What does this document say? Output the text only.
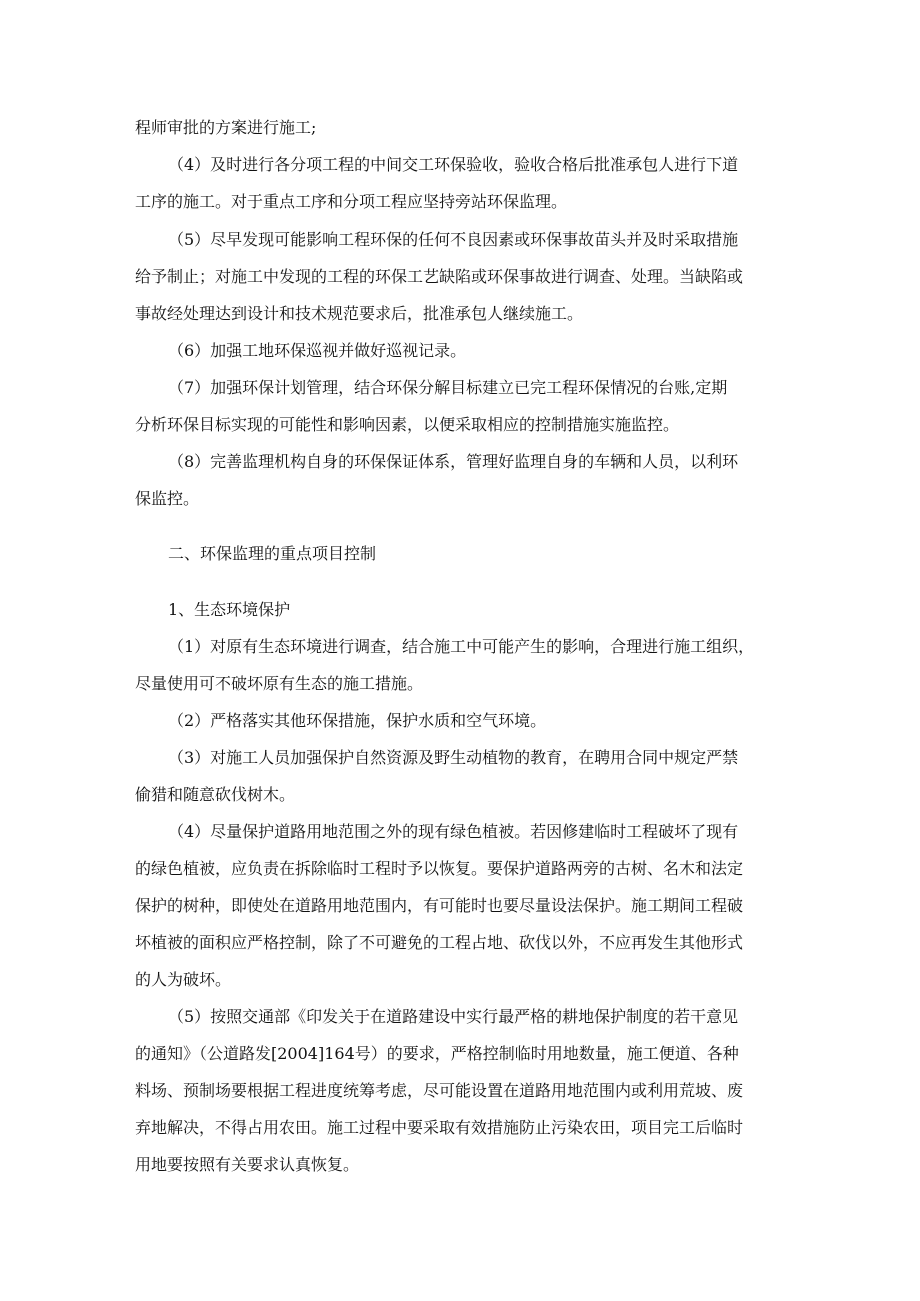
程师审批的方案进行施工;
（4）及时进行各分项工程的中间交工环保验收，验收合格后批准承包人进行下道
工序的施工。对于重点工序和分项工程应坚持旁站环保监理。
（5）尽早发现可能影响工程环保的任何不良因素或环保事故苗头并及时采取措施
给予制止；对施工中发现的工程的环保工艺缺陷或环保事故进行调查、处理。当缺陷或
事故经处理达到设计和技术规范要求后，批准承包人继续施工。
（6）加强工地环保巡视并做好巡视记录。
（7）加强环保计划管理，结合环保分解目标建立已完工程环保情况的台账,定期
分析环保目标实现的可能性和影响因素，以便采取相应的控制措施实施监控。
（8）完善监理机构自身的环保保证体系，管理好监理自身的车辆和人员，以利环
保监控。
二、环保监理的重点项目控制
1、生态环境保护
（1）对原有生态环境进行调查，结合施工中可能产生的影响，合理进行施工组织，
尽量使用可不破坏原有生态的施工措施。
（2）严格落实其他环保措施，保护水质和空气环境。
（3）对施工人员加强保护自然资源及野生动植物的教育，在聘用合同中规定严禁
偷猎和随意砍伐树木。
（4）尽量保护道路用地范围之外的现有绿色植被。若因修建临时工程破坏了现有
的绿色植被，应负责在拆除临时工程时予以恢复。要保护道路两旁的古树、名木和法定
保护的树种，即使处在道路用地范围内，有可能时也要尽量设法保护。施工期间工程破
坏植被的面积应严格控制，除了不可避免的工程占地、砍伐以外，不应再发生其他形式
的人为破坏。
（5）按照交通部《印发关于在道路建设中实行最严格的耕地保护制度的若干意见
的通知》（公道路发[2004]164号）的要求，严格控制临时用地数量，施工便道、各种
料场、预制场要根据工程进度统筹考虑，尽可能设置在道路用地范围内或利用荒坡、废
弃地解决，不得占用农田。施工过程中要采取有效措施防止污染农田，项目完工后临时
用地要按照有关要求认真恢复。
